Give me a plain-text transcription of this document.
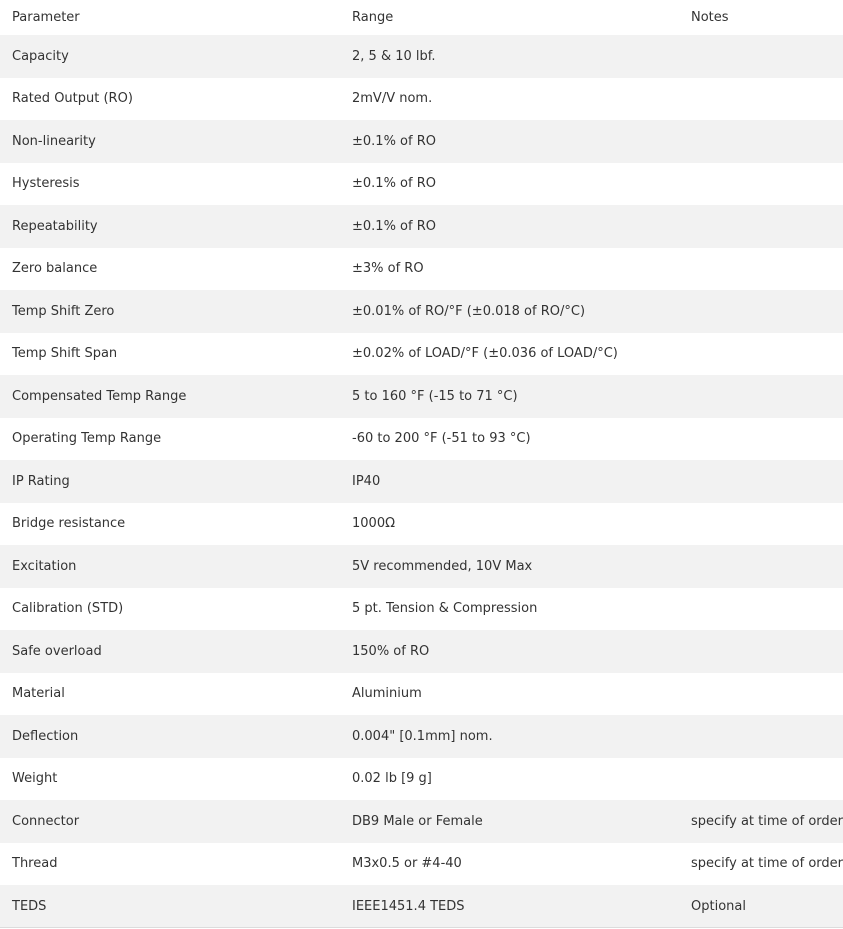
Parameter	Range	Notes
Capacity	2, 5 & 10 lbf.	
Rated Output (RO)	2mV/V nom.	
Non-linearity	±0.1% of RO	
Hysteresis	±0.1% of RO	
Repeatability	±0.1% of RO	
Zero balance	±3% of RO	
Temp Shift Zero	±0.01% of RO/°F (±0.018 of RO/°C)	
Temp Shift Span	±0.02% of LOAD/°F (±0.036 of LOAD/°C)	
Compensated Temp Range	5 to 160 °F (-15 to 71 °C)	
Operating Temp Range	-60 to 200 °F (-51 to 93 °C)	
IP Rating	IP40	
Bridge resistance	1000Ω	
Excitation	5V recommended, 10V Max	
Calibration (STD)	5 pt. Tension & Compression	
Safe overload	150% of RO	
Material	Aluminium	
Deflection	0.004" [0.1mm] nom.	
Weight	0.02 lb [9 g]	
Connector	DB9 Male or Female	specify at time of order
Thread	M3x0.5 or #4-40	specify at time of order
TEDS	IEEE1451.4 TEDS	Optional
